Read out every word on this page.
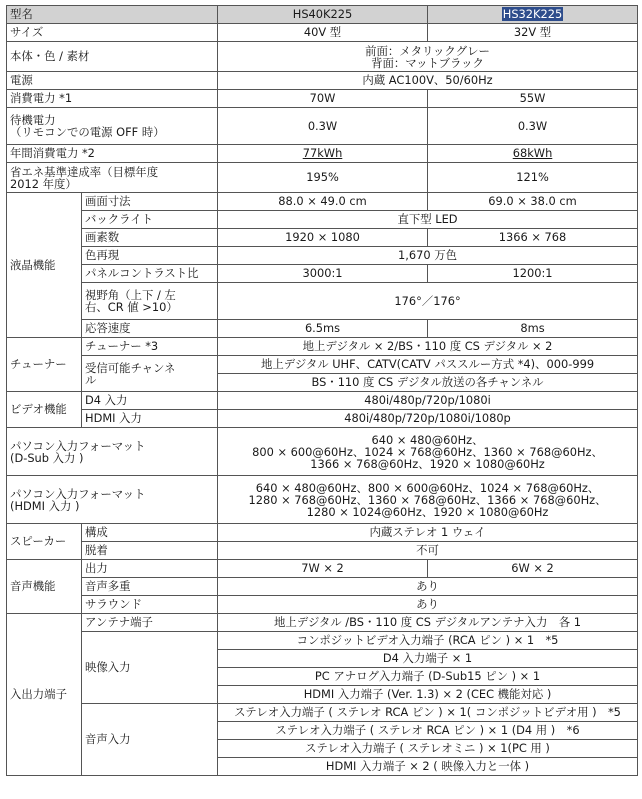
型名		HS40K225	HS32K225
サイズ		40V 型	32V 型
本体・色 / 素材		前面：メタリックグレー
背面：マットブラック	

電源		内蔵 AC100V、50/60Hz	
消費電力 *1		70W	55W

待機電力
（リモコンでの電源 OFF 時）		0.3W	0.3W
年間消費電力 *2		77kWh	68kWh

省エネ基準達成率（目標年度
2012 年度）		195%	121%
液晶機能	画面寸法	88.0 × 49.0 cm	69.0 × 38.0 cm
	バックライト	直下型 LED	
	画素数	1920 × 1080	1366 × 768
	色再現	1,670 万色	
	パネルコントラスト比	3000:1	1200:1

	視野角（上下 / 左
右、CR 値 >10）	176°／176°	
	応答速度	6.5ms	8ms
チューナー	チューナー *3	地上デジタル × 2/BS・110 度 CS デジタル × 2	

	受信可能チャンネ
ル	地上デジタル UHF、CATV(CATV パススルー方式 *4)、000-999	
		BS・110 度 CS デジタル放送の各チャンネル	
ビデオ機能	D4 入力	480i/480p/720p/1080i	
	HDMI 入力	480i/480p/720p/1080i/1080p	

パソコン入力フォーマット
(D-Sub 入力 )		640 × 480@60Hz、
800 × 600@60Hz、1024 × 768@60Hz、1360 × 768@60Hz、
1366 × 768@60Hz、1920 × 1080@60Hz	

パソコン入力フォーマット
(HDMI 入力 )		640 × 480@60Hz、800 × 600@60Hz、1024 × 768@60Hz、
1280 × 768@60Hz、1360 × 768@60Hz、1366 × 768@60Hz、
1280 × 1024@60Hz、1920 × 1080@60Hz	

スピーカー	構成	内蔵ステレオ 1 ウェイ	
	脱着	不可	
音声機能	出力	7W × 2	6W × 2
	音声多重	あり	
	サラウンド	あり	
入出力端子	アンテナ端子	地上デジタル /BS・110 度 CS デジタルアンテナ入力　各 1	
	映像入力	コンポジットビデオ入力端子 (RCA ピン ) × 1　*5	
		D4 入力端子 × 1	
		PC アナログ入力端子 (D-Sub15 ピン ) × 1	
		HDMI 入力端子 (Ver. 1.3) × 2 (CEC 機能対応 )	
	音声入力	ステレオ入力端子 ( ステレオ RCA ピン ) × 1( コンポジットビデオ用 )　*5	
		ステレオ入力端子 ( ステレオ RCA ピン ) × 1 (D4 用 )　*6	
		ステレオ入力端子 ( ステレオミニ ) × 1(PC 用 )	
		HDMI 入力端子 × 2 ( 映像入力と一体 )	
